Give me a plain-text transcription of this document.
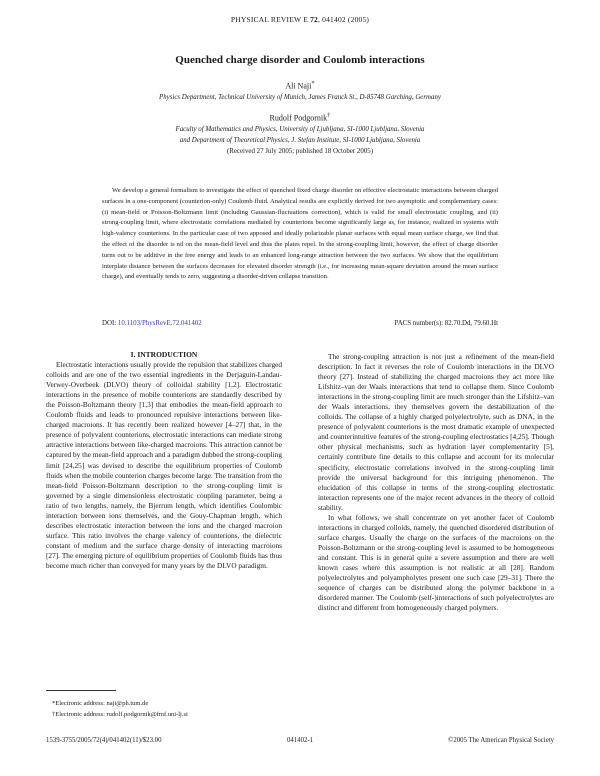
PHYSICAL REVIEW E 72, 041402 (2005)
Quenched charge disorder and Coulomb interactions
Ali Naji*
Physics Department, Technical University of Munich, James Franck St., D-85748 Garching, Germany
Rudolf Podgornik†
Faculty of Mathematics and Physics, University of Ljubljana, SI-1000 Ljubljana, Slovenia
and Department of Theoretical Physics, J. Stefan Institute, SI-1000 Ljubljana, Slovenia
(Received 27 July 2005; published 18 October 2005)
We develop a general formalism to investigate the effect of quenched fixed charge disorder on effective electrostatic interactions between charged surfaces in a one-component (counterion-only) Coulomb fluid. Analytical results are explicitly derived for two asymptotic and complementary cases: (i) mean-field or Poisson-Boltzmann limit (including Gaussian-fluctuations correction), which is valid for small electrostatic coupling, and (ii) strong-coupling limit, where electrostatic correlations mediated by counterions become significantly large as, for instance, realized in systems with high-valency counterions. In the particular case of two apposed and ideally polarizable planar surfaces with equal mean surface charge, we find that the effect of the disorder is nil on the mean-field level and thus the plates repel. In the strong-coupling limit, however, the effect of charge disorder turns out to be additive in the free energy and leads to an enhanced long-range attraction between the two surfaces. We show that the equilibrium interplate distance between the surfaces decreases for elevated disorder strength (i.e., for increasing mean-square deviation around the mean surface charge), and eventually tends to zero, suggesting a disorder-driven collapse transition.
DOI: 10.1103/PhysRevE.72.041402	PACS number(s): 82.70.Dd, 79.60.Ht

I. INTRODUCTION

Electrostatic interactions usually provide the repulsion that stabilizes charged colloids and are one of the two essential ingredients in the Derjaguin-Landau-Verwey-Overbeek (DLVO) theory of colloidal stability [1,2]. Electrostatic interactions in the presence of mobile counterions are standardly described by the Poisson-Boltzmann theory [1,3] that embodies the mean-field approach to Coulomb fluids and leads to pronounced repulsive interactions between like-charged macroions. It has recently been realized however [4–27] that, in the presence of polyvalent counterions, electrostatic interactions can mediate strong attractive interactions between like-charged macroions. This attraction cannot be captured by the mean-field approach and a paradigm dubbed the strong-coupling limit [24,25] was devised to describe the equilibrium properties of Coulomb fluids when the mobile counterion charges become large. The transition from the mean-field Poisson-Boltzmann description to the strong-coupling limit is governed by a single dimensionless electrostatic coupling parameter, being a ratio of two lengths, namely, the Bjerrum length, which identifies Coulombic interaction between ions themselves, and the Gouy-Chapman length, which describes electrostatic interaction between the ions and the charged macroion surface. This ratio involves the charge valency of counterions, the dielectric constant of medium and the surface charge density of interacting macroions [27]. The emerging picture of equilibrium properties of Coulomb fluids has thus become much richer than conveyed for many years by the DLVO paradigm.

The strong-coupling attraction is not just a refinement of the mean-field description. In fact it reverses the role of Coulomb interactions in the DLVO theory [27]. Instead of stabilizing the charged macroions they act more like Lifshitz–van der Waals interactions that tend to collapse them. Since Coulomb interactions in the strong-coupling limit are much stronger than the Lifshitz–van der Waals interactions, they themselves govern the destabilization of the colloids. The collapse of a highly charged polyelectrolyte, such as DNA, in the presence of polyvalent counterions is the most dramatic example of unexpected and counterintuitive features of the strong-coupling electrostatics [4,25]. Though other physical mechanisms, such as hydration layer complementarity [5], certainly contribute fine details to this collapse and account for its molecular specificity, electrostatic correlations involved in the strong-coupling limit provide the universal background for this intriguing phenomenon. The elucidation of this collapse in terms of the strong-coupling electrostatic interaction represents one of the major recent advances in the theory of colloid stability.

In what follows, we shall concentrate on yet another facet of Coulomb interactions in charged colloids, namely, the quenched disordered distribution of surface charges. Usually the charge on the surfaces of the macroions on the Poisson-Boltzmann or the strong-coupling level is assumed to be homogeneous and constant. This is in general quite a severe assumption and there are well known cases where this assumption is not realistic at all [28]. Random polyelectrolytes and polyampholytes present one such case [29–31]. There the sequence of charges can be distributed along the polymer backbone in a disordered manner. The Coulomb (self-)interactions of such polyelectrolytes are distinct and different from homogeneously charged polymers.

*Electronic address: naji@ph.tum.de
†Electronic address: rudolf.podgornik@fmf.uni-lj.si
1539-3755/2005/72(4)/041402(11)/$23.00	041402-1	©2005 The American Physical Society
